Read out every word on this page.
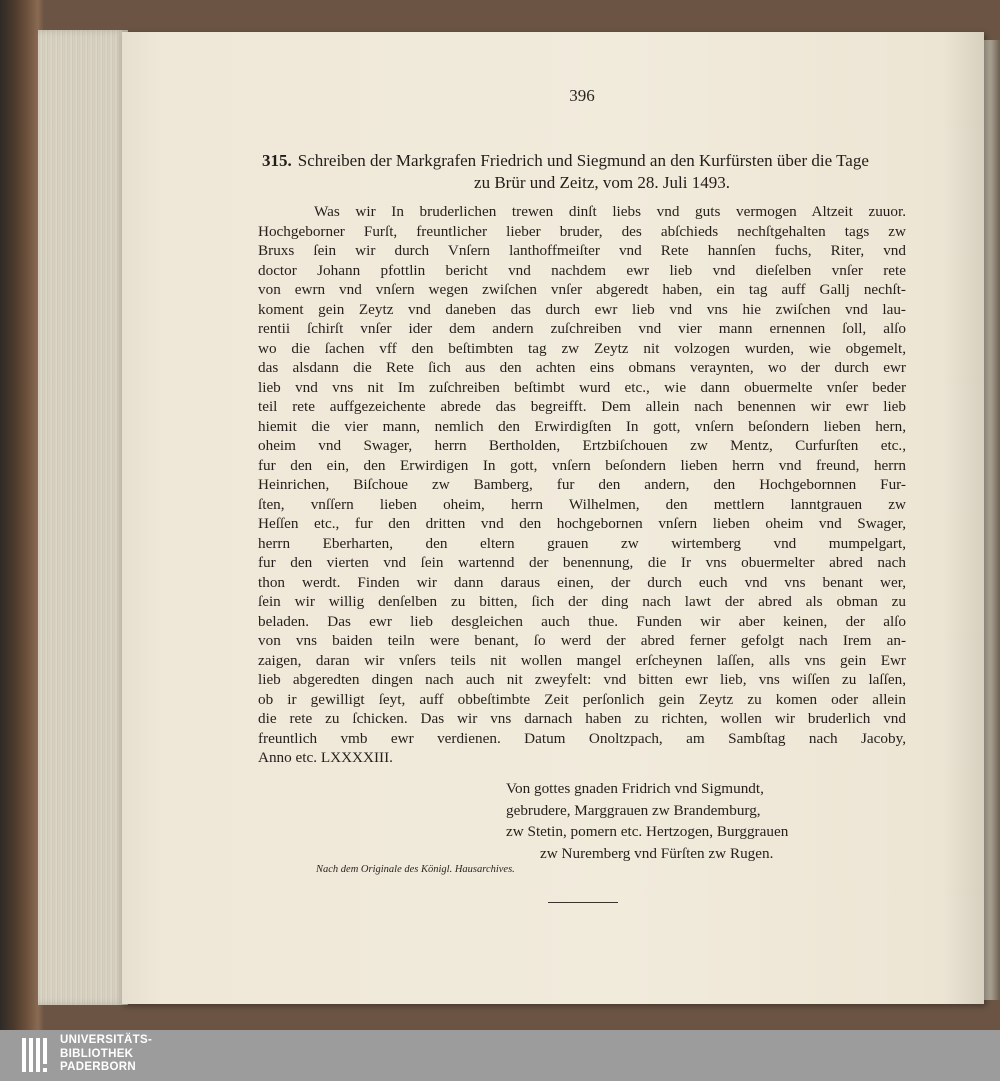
396
315. Schreiben der Markgrafen Friedrich und Siegmund an den Kurfürsten über die Tage
zu Brür und Zeitz, vom 28. Juli 1493.
Was wir In bruderlichen trewen dinſt liebs vnd guts vermogen Altzeit zuuor.
Hochgeborner Furſt, freuntlicher lieber bruder, des abſchieds nechſtgehalten tags zw
Bruxs ſein wir durch Vnſern lanthoffmeiſter vnd Rete hannſen fuchs, Riter, vnd
doctor Johann pfottlin bericht vnd nachdem ewr lieb vnd dieſelben vnſer rete
von ewrn vnd vnſern wegen zwiſchen vnſer abgeredt haben, ein tag auff Gallj nechſt-
koment gein Zeytz vnd daneben das durch ewr lieb vnd vns hie zwiſchen vnd lau-
rentii ſchirſt vnſer ider dem andern zuſchreiben vnd vier mann ernennen ſoll, alſo
wo die ſachen vff den beſtimbten tag zw Zeytz nit volzogen wurden, wie obgemelt,
das alsdann die Rete ſich aus den achten eins obmans veraynten, wo der durch ewr
lieb vnd vns nit Im zuſchreiben beſtimbt wurd etc., wie dann obuermelte vnſer beder
teil rete auffgezeichente abrede das begreifft. Dem allein nach benennen wir ewr lieb
hiemit die vier mann, nemlich den Erwirdigſten In gott, vnſern beſondern lieben hern,
oheim vnd Swager, herrn Bertholden, Ertzbiſchouen zw Mentz, Curfurſten etc.,
fur den ein, den Erwirdigen In gott, vnſern beſondern lieben herrn vnd freund, herrn
Heinrichen, Biſchoue zw Bamberg, fur den andern, den Hochgebornnen Fur-
ſten, vnſſern lieben oheim, herrn Wilhelmen, den mettlern lanntgrauen zw
Heſſen etc., fur den dritten vnd den hochgebornen vnſern lieben oheim vnd Swager,
herrn Eberharten, den eltern grauen zw wirtemberg vnd mumpelgart,
fur den vierten vnd ſein wartennd der benennung, die Ir vns obuermelter abred nach
thon werdt. Finden wir dann daraus einen, der durch euch vnd vns benant wer,
ſein wir willig denſelben zu bitten, ſich der ding nach lawt der abred als obman zu
beladen. Das ewr lieb desgleichen auch thue. Funden wir aber keinen, der alſo
von vns baiden teiln were benant, ſo werd der abred ferner gefolgt nach Irem an-
zaigen, daran wir vnſers teils nit wollen mangel erſcheynen laſſen, alls vns gein Ewr
lieb abgeredten dingen nach auch nit zweyfelt: vnd bitten ewr lieb, vns wiſſen zu laſſen,
ob ir gewilligt ſeyt, auff obbeſtimbte Zeit perſonlich gein Zeytz zu komen oder allein
die rete zu ſchicken. Das wir vns darnach haben zu richten, wollen wir bruderlich vnd
freuntlich vmb ewr verdienen. Datum Onoltzpach, am Sambſtag nach Jacoby,
Anno etc. LXXXXIII.
Von gottes gnaden Fridrich vnd Sigmundt,
gebrudere, Marggrauen zw Brandemburg,
zw Stetin, pomern etc. Hertzogen, Burggrauen
zw Nuremberg vnd Fürſten zw Rugen.
Nach dem Originale des Königl. Hausarchives.
UNIVERSITÄTS-
BIBLIOTHEK
PADERBORN
